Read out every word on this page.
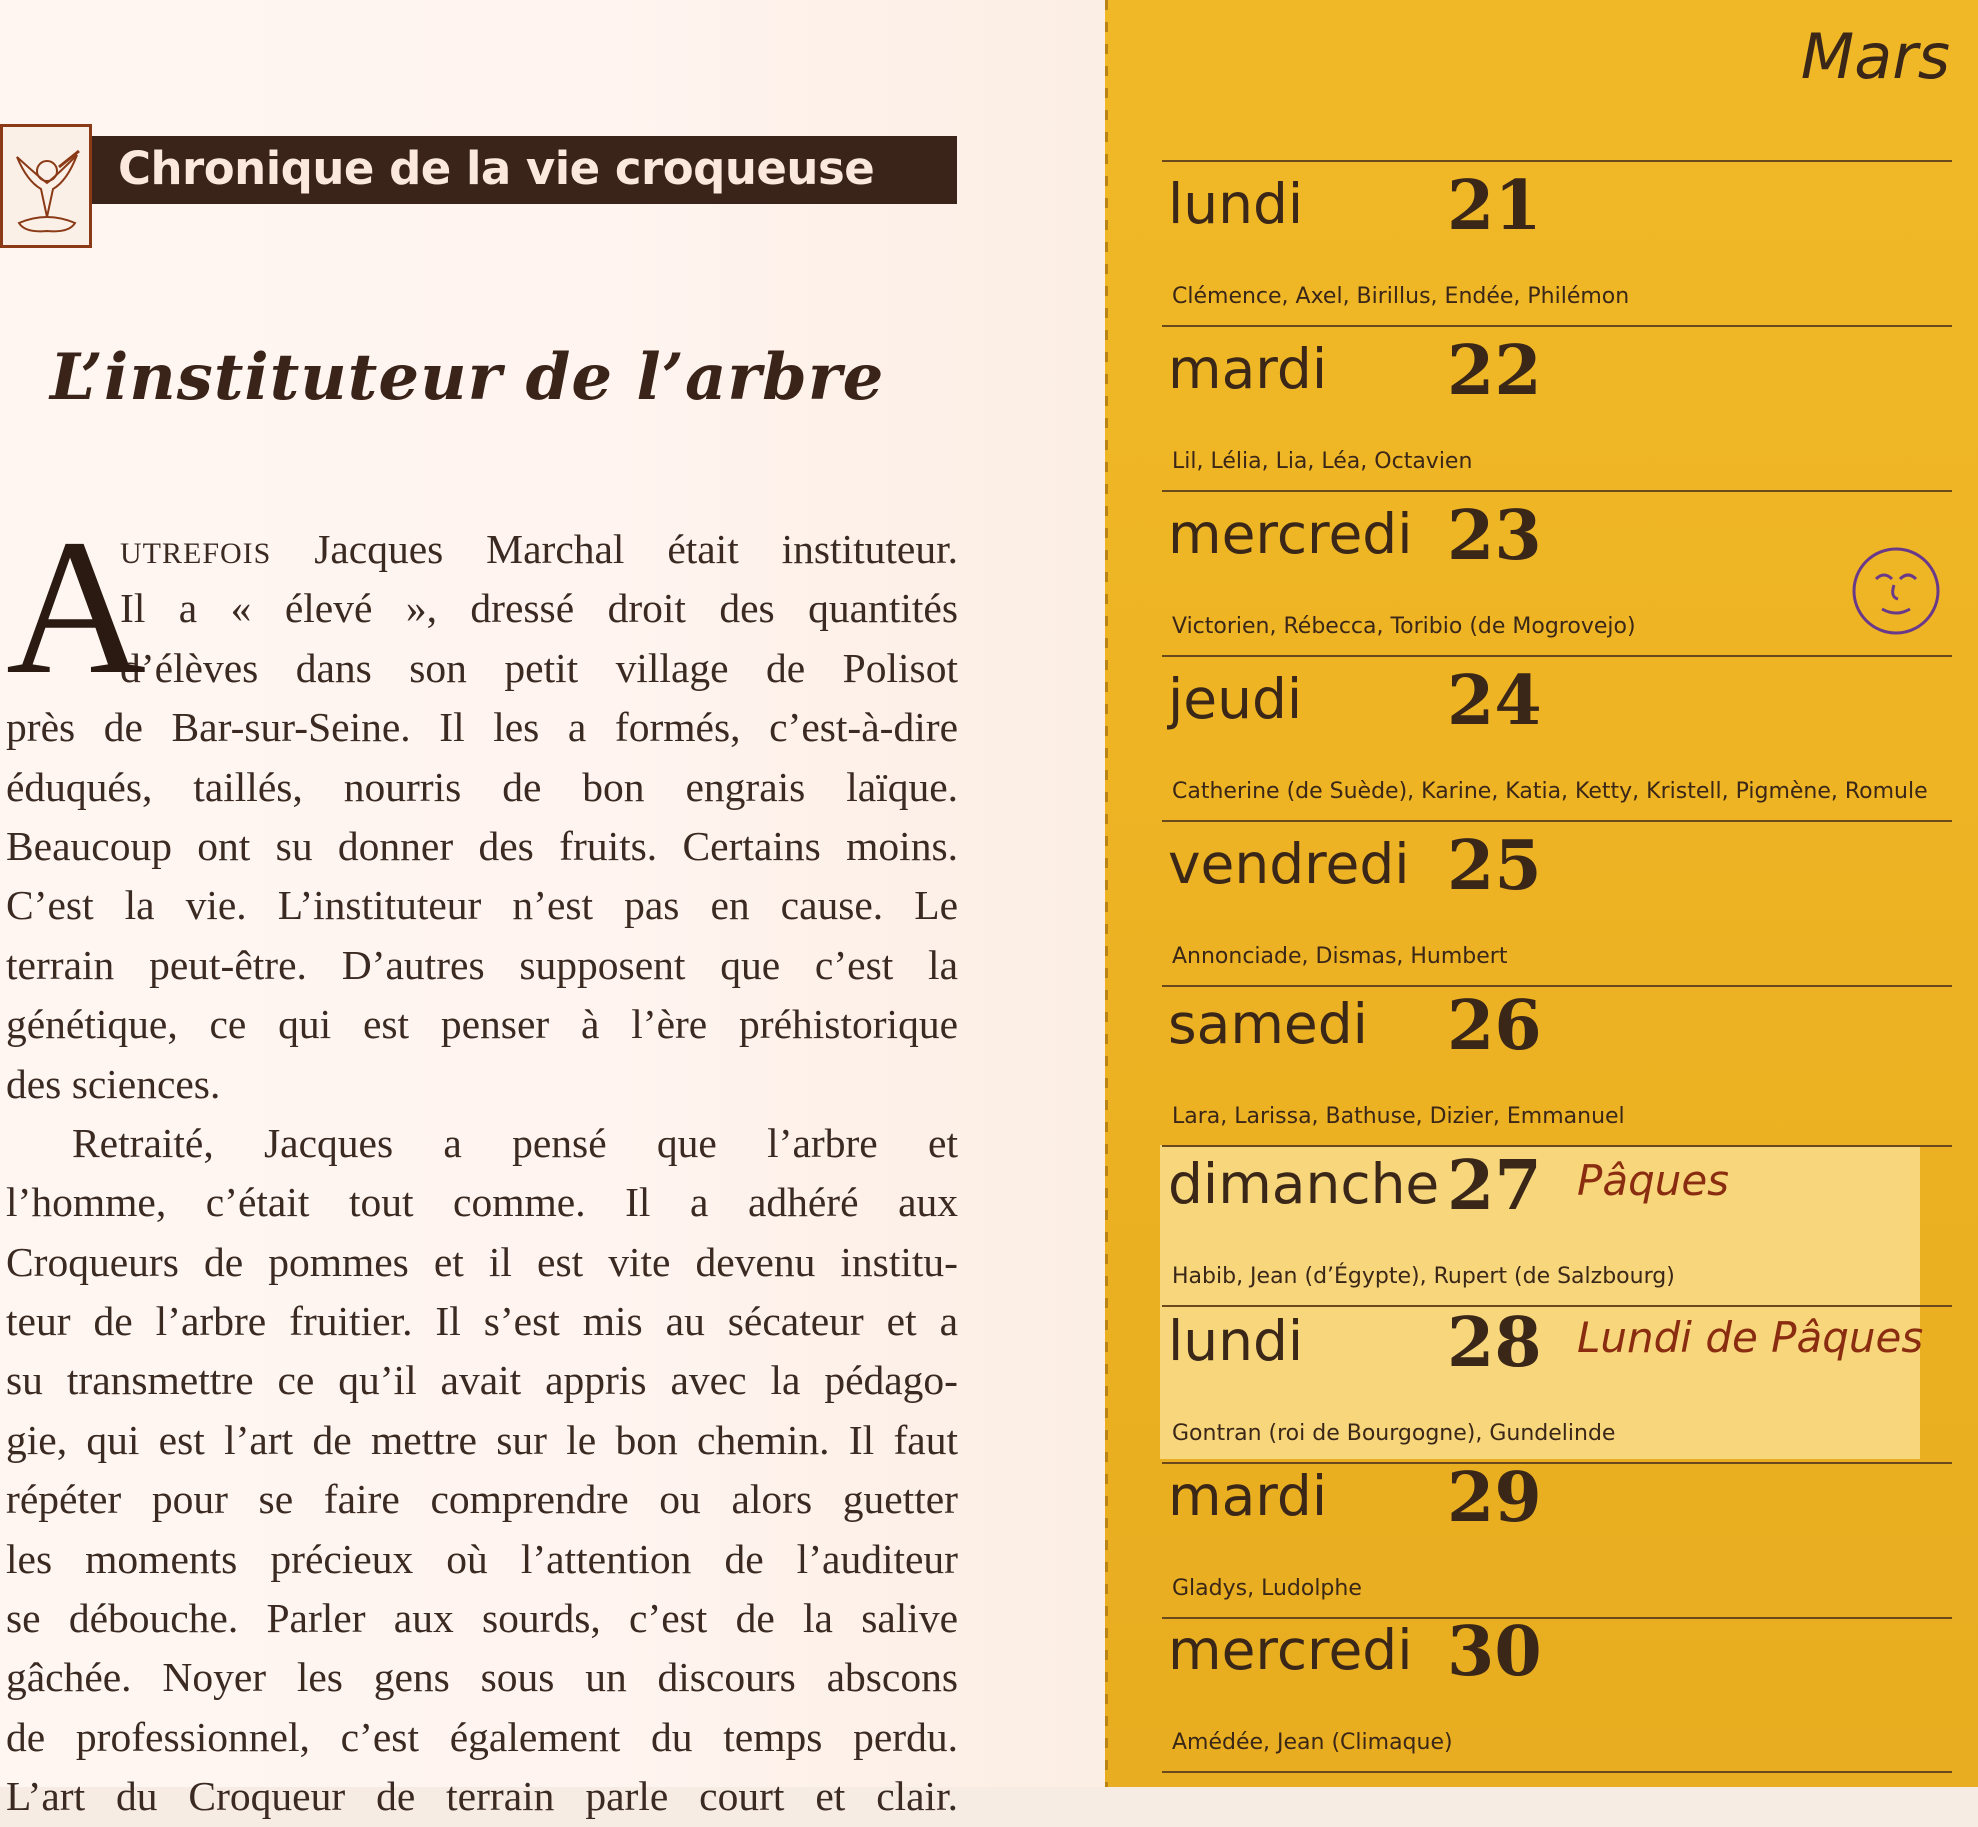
Chronique de la vie croqueuse
L’instituteur de l’arbre
A
UTREFOIS Jacques Marchal était instituteur.
Il a « élevé », dressé droit des quantités
d’élèves dans son petit village de Polisot
près de Bar-sur-Seine. Il les a formés, c’est-à-dire
éduqués, taillés, nourris de bon engrais laïque.
Beaucoup ont su donner des fruits. Certains moins.
C’est la vie. L’instituteur n’est pas en cause. Le
terrain peut-être. D’autres supposent que c’est la
génétique, ce qui est penser à l’ère préhistorique
des sciences.
Retraité, Jacques a pensé que l’arbre et
l’homme, c’était tout comme. Il a adhéré aux
Croqueurs de pommes et il est vite devenu institu-
teur de l’arbre fruitier. Il s’est mis au sécateur et a
su transmettre ce qu’il avait appris avec la pédago-
gie, qui est l’art de mettre sur le bon chemin. Il faut
répéter pour se faire comprendre ou alors guetter
les moments précieux où l’attention de l’auditeur
se débouche. Parler aux sourds, c’est de la salive
gâchée. Noyer les gens sous un discours abscons
de professionnel, c’est également du temps perdu.
L’art du Croqueur de terrain parle court et clair.
Mars
lundi 21
Clémence, Axel, Birillus, Endée, Philémon
mardi 22
Lil, Lélia, Lia, Léa, Octavien
mercredi 23
Victorien, Rébecca, Toribio (de Mogrovejo)
jeudi 24
Catherine (de Suède), Karine, Katia, Ketty, Kristell, Pigmène, Romule
vendredi 25
Annonciade, Dismas, Humbert
samedi 26
Lara, Larissa, Bathuse, Dizier, Emmanuel
dimanche 27 Pâques
Habib, Jean (d’Égypte), Rupert (de Salzbourg)
lundi 28 Lundi de Pâques
Gontran (roi de Bourgogne), Gundelinde
mardi 29
Gladys, Ludolphe
mercredi 30
Amédée, Jean (Climaque)
